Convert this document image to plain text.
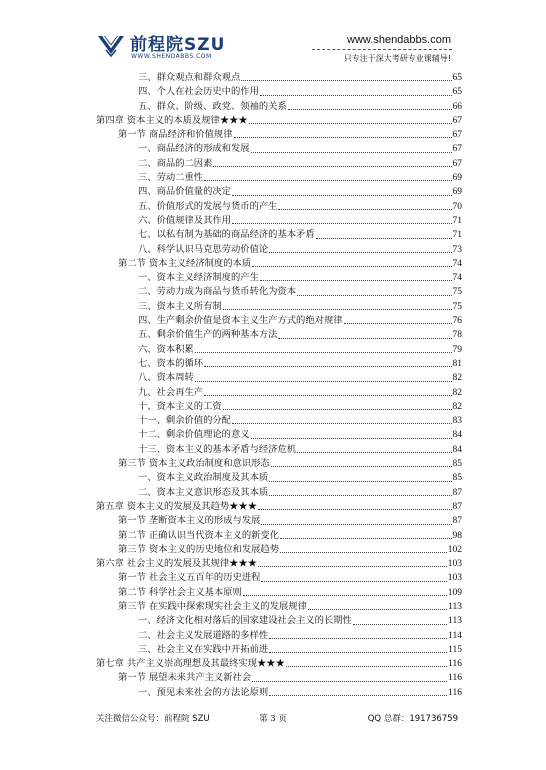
前程院SZU
WWW.SHENDABBS.COM
www.shendabbs.com
只专注于深大考研专业课辅导!
三、群众观点和群众观点	65
四、个人在社会历史中的作用	65
五、群众、阶级、政党、领袖的关系	66
第四章 资本主义的本质及规律★★★	67
第一节 商品经济和价值规律	67
一、商品经济的形成和发展	67
二、商品的二因素	67
三、劳动二重性	69
四、商品价值量的决定	69
五、价值形式的发展与货币的产生	70
六、价值规律及其作用	71
七、以私有制为基础的商品经济的基本矛盾	71
八、科学认识马克思劳动价值论	73
第二节 资本主义经济制度的本质	74
一、资本主义经济制度的产生	74
二、劳动力成为商品与货币转化为资本	75
三、资本主义所有制	75
四、生产剩余价值是资本主义生产方式的绝对规律	76
五、剩余价值生产的两种基本方法	78
六、资本积累	79
七、资本的循环	81
八、资本周转	82
九、社会再生产	82
十、资本主义的工资	82
十一、剩余价值的分配	83
十二、剩余价值理论的意义	84
十三、资本主义的基本矛盾与经济危机	84
第三节 资本主义政治制度和意识形态	85
一、资本主义政治制度及其本质	85
二、资本主义意识形态及其本质	87
第五章 资本主义的发展及其趋势★★★	87
第一节 垄断资本主义的形成与发展	87
第二节 正确认识当代资本主义的新变化	98
第三节 资本主义的历史地位和发展趋势	102
第六章 社会主义的发展及其规律★★★	103
第一节 社会主义五百年的历史进程	103
第二节 科学社会主义基本原则	109
第三节 在实践中探索现实社会主义的发展规律	113
一、经济文化相对落后的国家建设社会主义的长期性	113
二、社会主义发展道路的多样性	114
三、社会主义在实践中开拓前进	115
第七章 共产主义崇高理想及其最终实现★★★	116
第一节 展望未来共产主义新社会	116
一、预见未来社会的方法论原则	116
关注微信公众号：前程院 SZU	第 3 页	QQ 总群：191736759
